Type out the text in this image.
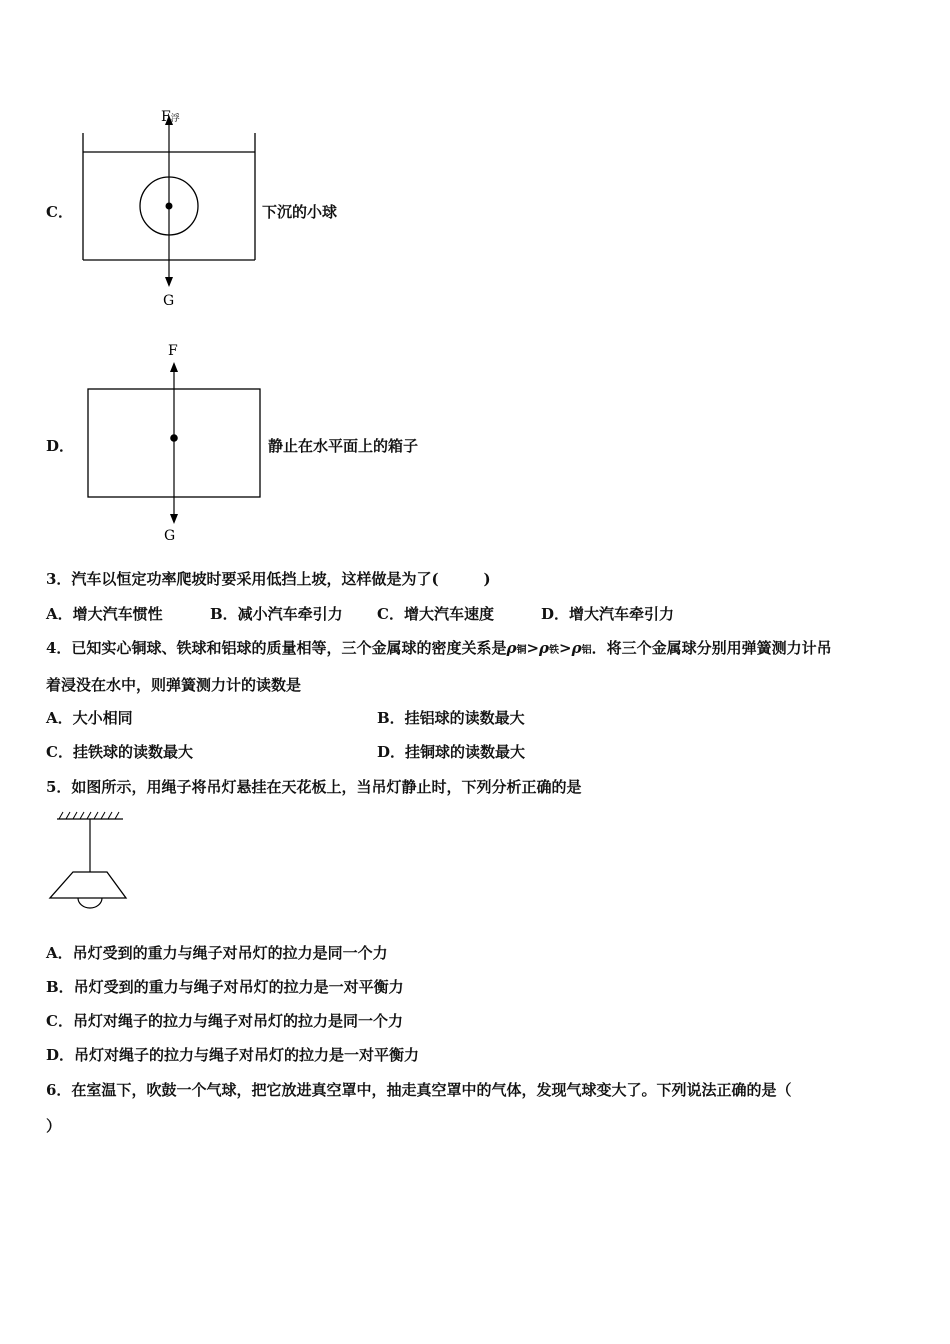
C．
F浮
G
下沉的小球
D．
F
G
静止在水平面上的箱子
3．汽车以恒定功率爬坡时要采用低挡上坡，这样做是为了(　　　)
A．增大汽车惯性	B．减小汽车牵引力 C．增大汽车速度	D．增大汽车牵引力
4．已知实心铜球、铁球和铝球的质量相等，三个金属球的密度关系是ρ铜>ρ铁>ρ铝．将三个金属球分别用弹簧测力计吊
着浸没在水中，则弹簧测力计的读数是
A．大小相同	B．挂铝球的读数最大
C．挂铁球的读数最大	D．挂铜球的读数最大
5．如图所示，用绳子将吊灯悬挂在天花板上，当吊灯静止时，下列分析正确的是
A．吊灯受到的重力与绳子对吊灯的拉力是同一个力
B．吊灯受到的重力与绳子对吊灯的拉力是一对平衡力
C．吊灯对绳子的拉力与绳子对吊灯的拉力是同一个力
D．吊灯对绳子的拉力与绳子对吊灯的拉力是一对平衡力
6．在室温下，吹鼓一个气球，把它放进真空罩中，抽走真空罩中的气体，发现气球变大了。下列说法正确的是（
）
